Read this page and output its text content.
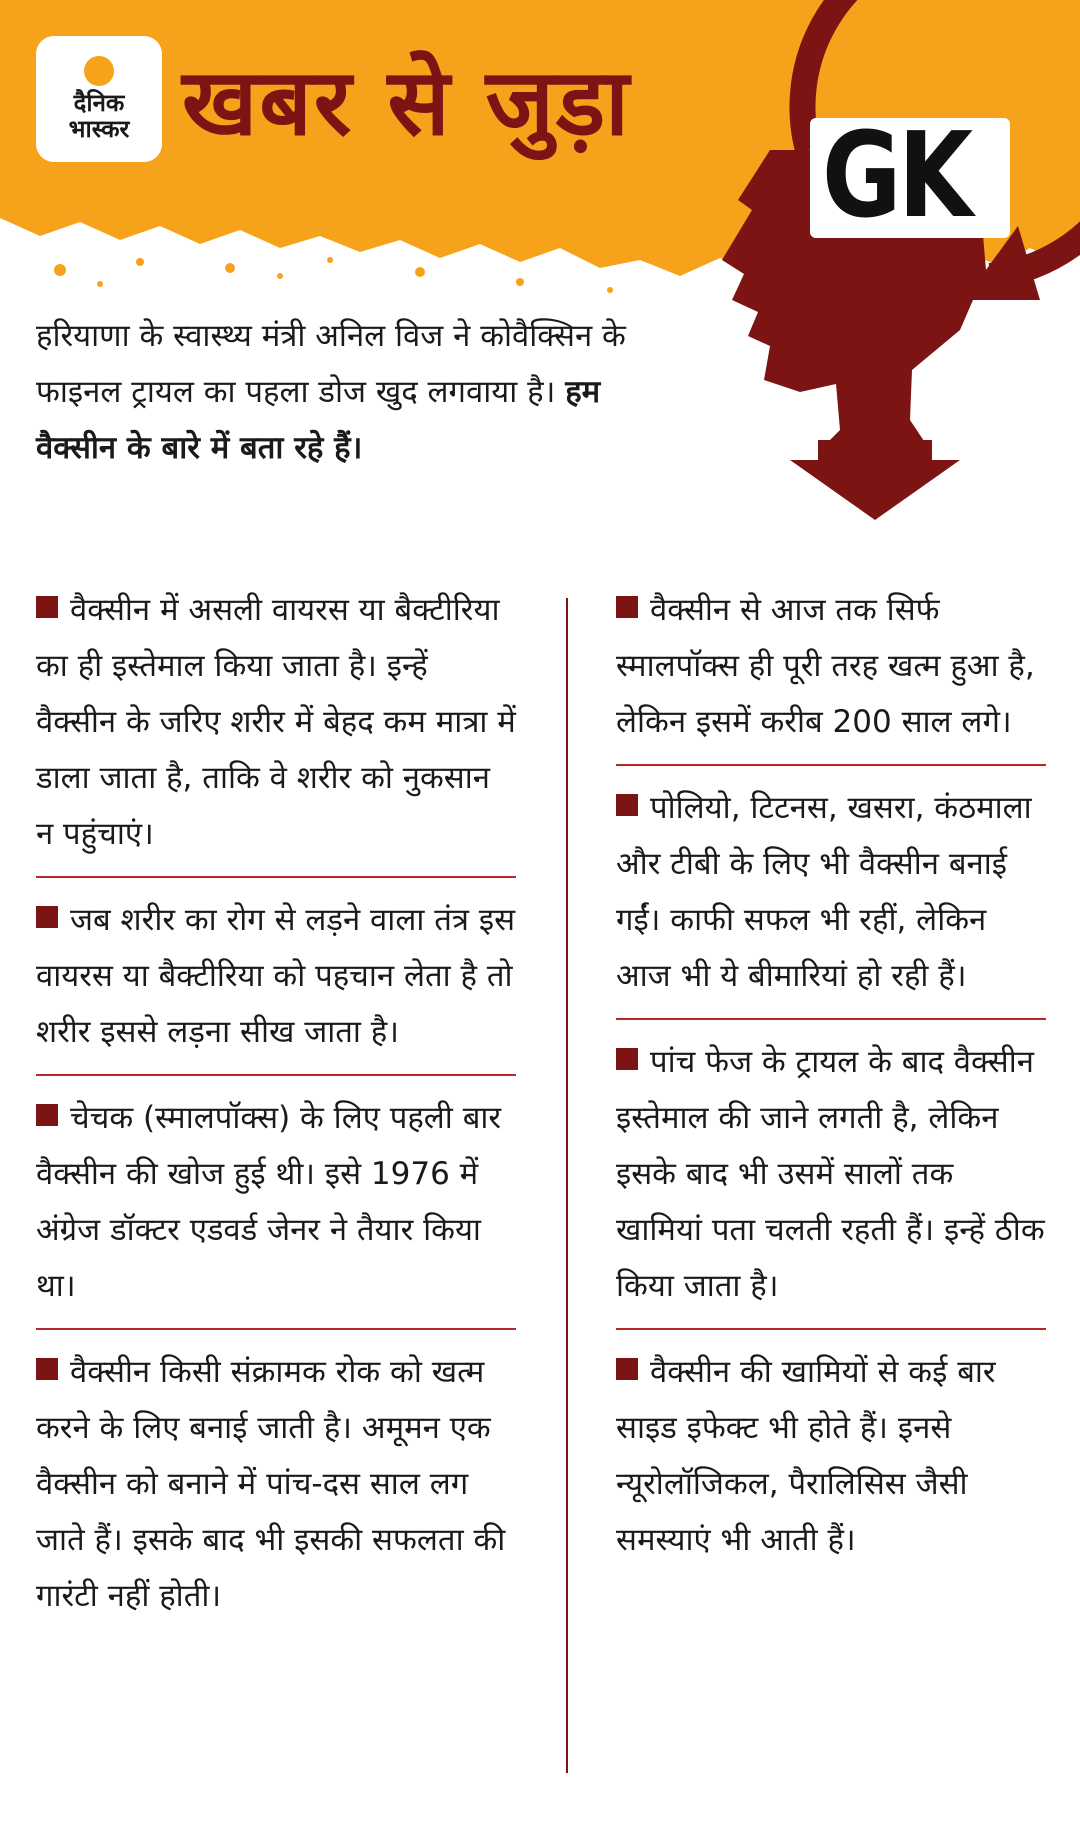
दैनिक
भास्कर खबर से जुड़ा
GK
हरियाणा के स्वास्थ्य मंत्री अनिल विज ने कोवैक्सिन के फाइनल ट्रायल का पहला डोज खुद लगवाया है। हम वैक्सीन के बारे में बता रहे हैं।

वैक्सीन में असली वायरस या बैक्टीरिया का ही इस्तेमाल किया जाता है। इन्हें वैक्सीन के जरिए शरीर में बेहद कम मात्रा में डाला जाता है, ताकि वे शरीर को नुकसान न पहुंचाएं।

जब शरीर का रोग से लड़ने वाला तंत्र इस वायरस या बैक्टीरिया को पहचान लेता है तो शरीर इससे लड़ना सीख जाता है।

चेचक (स्मालपॉक्स) के लिए पहली बार वैक्सीन की खोज हुई थी। इसे 1976 में अंग्रेज डॉक्टर एडवर्ड जेनर ने तैयार किया था।

वैक्सीन किसी संक्रामक रोक को खत्म करने के लिए बनाई जाती है। अमूमन एक वैक्सीन को बनाने में पांच-दस साल लग जाते हैं। इसके बाद भी इसकी सफलता की गारंटी नहीं होती।

वैक्सीन से आज तक सिर्फ स्मालपॉक्स ही पूरी तरह खत्म हुआ है, लेकिन इसमें करीब 200 साल लगे।

पोलियो, टिटनस, खसरा, कंठमाला और टीबी के लिए भी वैक्सीन बनाई गईं। काफी सफल भी रहीं, लेकिन आज भी ये बीमारियां हो रही हैं।

पांच फेज के ट्रायल के बाद वैक्सीन इस्तेमाल की जाने लगती है, लेकिन इसके बाद भी उसमें सालों तक खामियां पता चलती रहती हैं। इन्हें ठीक किया जाता है।

वैक्सीन की खामियों से कई बार साइड इफेक्ट भी होते हैं। इनसे न्यूरोलॉजिकल, पैरालिसिस जैसी समस्याएं भी आती हैं।
